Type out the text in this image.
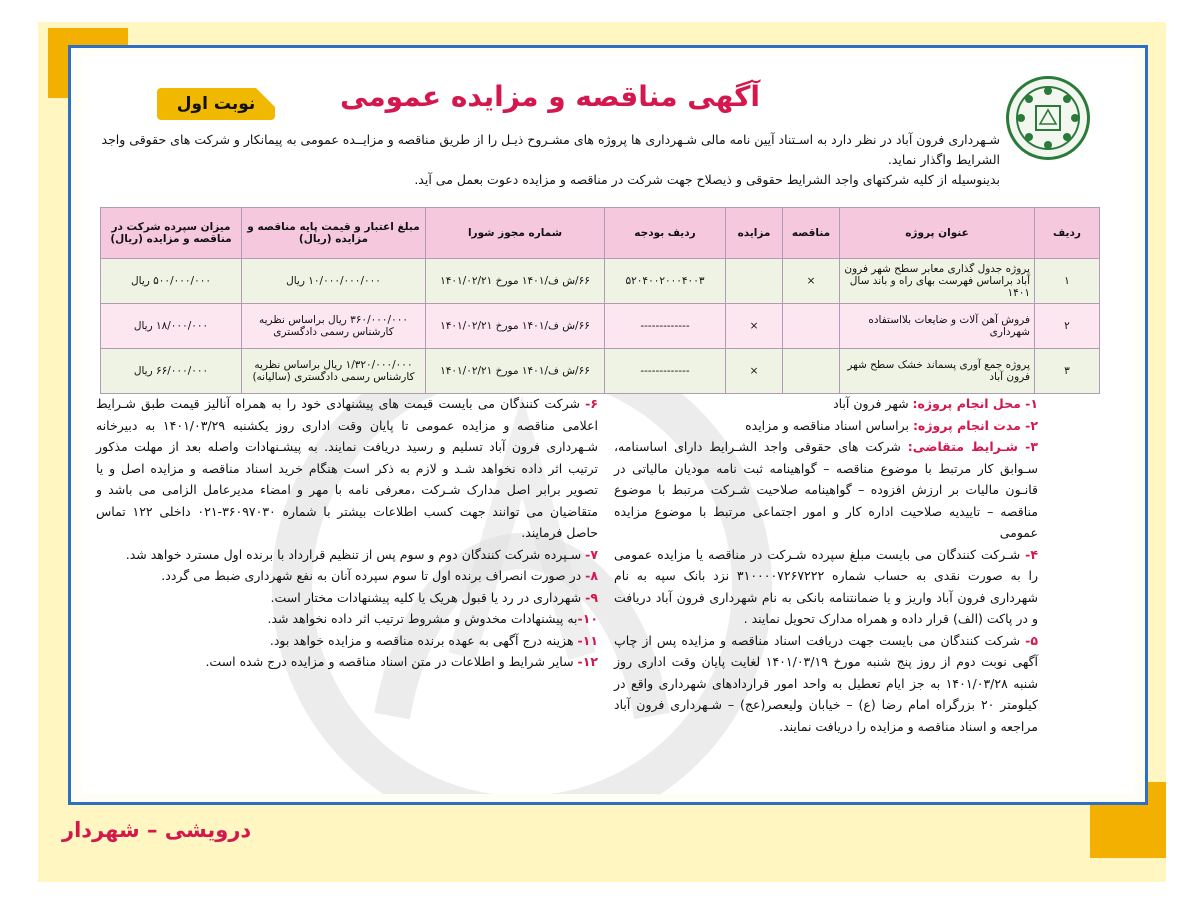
آگهی مناقصه و مزایده عمومی
نوبت اول

شـهرداری فرون آباد در نظر دارد به اسـتناد آیین نامه مالی شـهرداری ها پروژه های مشـروح ذیـل را از طریق مناقصه و مزایــده عمومی به پیمانکار و شرکت های حقوقی واجد الشرایط واگذار نماید.

بدینوسیله از کلیه شرکتهای واجد الشرایط حقوقی و ذیصلاح جهت شرکت در مناقصه و مزایده دعوت بعمل می آید.

ردیف	عنوان پروژه	مناقصه	مزایده	ردیف بودجه	شماره مجوز شورا	مبلغ اعتبار و قیمت پایه مناقصه و مزایده (ریال)	میزان سپرده شرکت در مناقصه و مزایده (ریال)
۱	پروژه جدول گذاری معابر سطح شهر فرون آباد براساس فهرست بهای راه و باند سال ۱۴۰۱	×		۵۲۰۴۰۰۲۰۰۰۴۰۰۳	۶۶/ش ف/۱۴۰۱ مورخ ۱۴۰۱/۰۲/۲۱	۱۰/۰۰۰/۰۰۰/۰۰۰ ریال	۵۰۰/۰۰۰/۰۰۰ ریال
۲	فروش آهن آلات و ضایعات بلااستفاده شهرداری		×	-------------	۶۶/ش ف/۱۴۰۱ مورخ ۱۴۰۱/۰۲/۲۱	۳۶۰/۰۰۰/۰۰۰ ریال براساس نظریه کارشناس رسمی دادگستری	۱۸/۰۰۰/۰۰۰ ریال
۳	پروژه جمع آوری پسماند خشک سطح شهر فرون آباد		×	-------------	۶۶/ش ف/۱۴۰۱ مورخ ۱۴۰۱/۰۲/۲۱	۱/۳۲۰/۰۰۰/۰۰۰ ریال براساس نظریه کارشناس رسمی دادگستری (سالیانه)	۶۶/۰۰۰/۰۰۰ ریال

۱- محل انجام پروژه: شهر فرون آباد

۲- مدت انجام پروژه: براساس اسناد مناقصه و مزایده

۳- شـرایط متقاضی: شرکت های حقوقی واجد الشـرایط دارای اساسنامه، سـوابق کار مرتبط با موضوع مناقصه – گواهینامه ثبت نامه مودیان مالیاتی در قانـون مالیات بر ارزش افزوده – گواهینامه صلاحیت شـرکت مرتبط با موضوع مناقصه – تاییدیه صلاحیت اداره کار و امور اجتماعی مرتبط با موضوع مزایده عمومی

۴- شـرکت کنندگان می بایست مبلغ سپرده شـرکت در مناقصه یا مزایده عمومی را به صورت نقدی به حساب شماره ۳۱۰۰۰۰۷۲۶۷۲۲۲ نزد بانک سپه به نام شهرداری فرون آباد واریز و یا ضمانتنامه بانکی به نام شهرداری فرون آباد دریافت و در پاکت (الف) قرار داده و همراه مدارک تحویل نمایند .

۵- شرکت کنندگان می بایست جهت دریافت اسناد مناقصه و مزایده پس از چاپ آگهی نوبت دوم از روز پنج شنبه مورخ ۱۴۰۱/۰۳/۱۹ لغایت پایان وقت اداری روز شنبه ۱۴۰۱/۰۳/۲۸ به جز ایام تعطیل به واحد امور قراردادهای شهرداری واقع در کیلومتر ۲۰ بزرگراه امام رضا (ع) – خیابان ولیعصر(عج) – شـهرداری فرون آباد مراجعه و اسناد مناقصه و مزایده را دریافت نمایند.

۶- شرکت کنندگان می بایست قیمت های پیشنهادی خود را به همراه آنالیز قیمت طبق شـرایط اعلامی مناقصه و مزایده عمومی تا پایان وقت اداری روز یکشنبه ۱۴۰۱/۰۳/۲۹ به دبیرخانه شـهرداری فرون آباد تسلیم و رسید دریافت نمایند. به پیشـنهادات واصله بعد از مهلت مذکور ترتیب اثر داده نخواهد شـد و لازم به ذکر است هنگام خرید اسناد مناقصه و مزایده اصل و یا تصویر برابر اصل مدارک شـرکت ،معرفی نامه با مهر و امضاء مدیرعامل الزامی می باشد و متقاضیان می توانند جهت کسب اطلاعات بیشتر با شماره ۳۶۰۹۷۰۳۰-۰۲۱ داخلی ۱۲۲ تماس حاصل فرمایند.

۷- سـپرده شرکت کنندگان دوم و سوم پس از تنظیم قرارداد با برنده اول مسترد خواهد شد.

۸- در صورت انصراف برنده اول تا سوم سپرده آنان به نفع شهرداری ضبط می گردد.

۹- شهرداری در رد یا قبول هریک یا کلیه پیشنهادات مختار است.

۱۰-به پیشنهادات مخدوش و مشروط ترتیب اثر داده نخواهد شد.

۱۱- هزینه درج آگهی به عهده برنده مناقصه و مزایده خواهد بود.

۱۲- سایر شرایط و اطلاعات در متن اسناد مناقصه و مزایده درج شده است.

درویشی – شهردار
